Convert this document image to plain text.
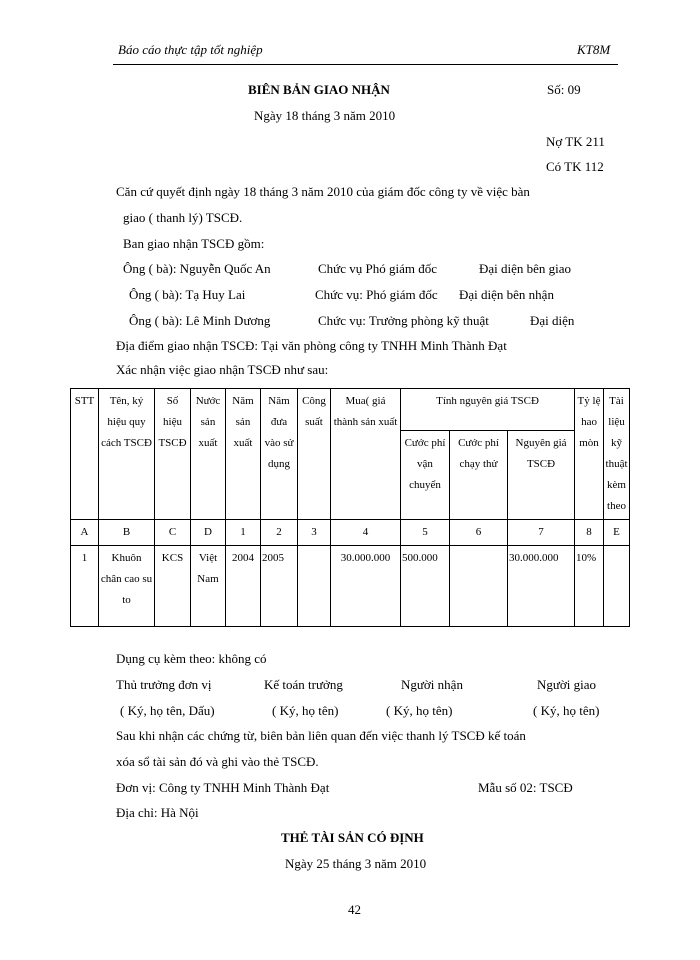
Báo cáo thực tập tốt nghiệp	KT8M
BIÊN BẢN GIAO NHẬN	Số: 09
Ngày 18 tháng 3 năm 2010
Nợ TK 211
Có TK 112
Căn cứ quyết định ngày 18 tháng 3 năm 2010 của giám đốc công ty về việc bàn
giao ( thanh lý) TSCĐ.
Ban giao nhận TSCĐ gồm:
Ông ( bà): Nguyễn Quốc An	Chức vụ Phó giám đốc	Đại diện bên giao
Ông ( bà): Tạ Huy Lai	Chức vụ: Phó giám đốc Đại diện bên nhận
Ông ( bà): Lê Minh Dương	Chức vụ: Trưởng phòng kỹ thuật	Đại diện
Địa điểm giao nhận TSCĐ: Tại văn phòng công ty TNHH Minh Thành Đạt
Xác nhận việc giao nhận TSCĐ như sau:
STT	Tên, ký hiệu quy cách TSCĐ	Số hiệu TSCĐ	Nước sản xuất	Năm sản xuất	Năm đưa vào sử dụng	Công suất	Mua( giá thành sản xuất	Tính nguyên giá TSCĐ			Tỷ lệ hao mòn	Tài liệu kỹ thuật kèm theo
								Cước phí vận chuyển	Cước phí chạy thử	Nguyên giá TSCĐ		
A	B	C	D	1	2	3	4	5	6	7	8	E
1	Khuôn chân cao su to	KCS	Việt Nam	2004	2005		30.000.000	500.000		30.000.000	10%	
Dụng cụ kèm theo: không có
Thủ trưởng đơn vị	Kế toán trưởng	Người nhận	Người giao
( Ký, họ tên, Dấu)	( Ký, họ tên)	( Ký, họ tên)	( Ký, họ tên)
Sau khi nhận các chứng từ, biên bản liên quan đến việc thanh lý TSCĐ kế toán
xóa sổ tài sản đó và ghi vào thẻ TSCĐ.
Đơn vị: Công ty TNHH Minh Thành Đạt	Mẫu số 02: TSCĐ
Địa chỉ: Hà Nội
THẺ TÀI SẢN CÓ ĐỊNH
Ngày 25 tháng 3 năm 2010
42
